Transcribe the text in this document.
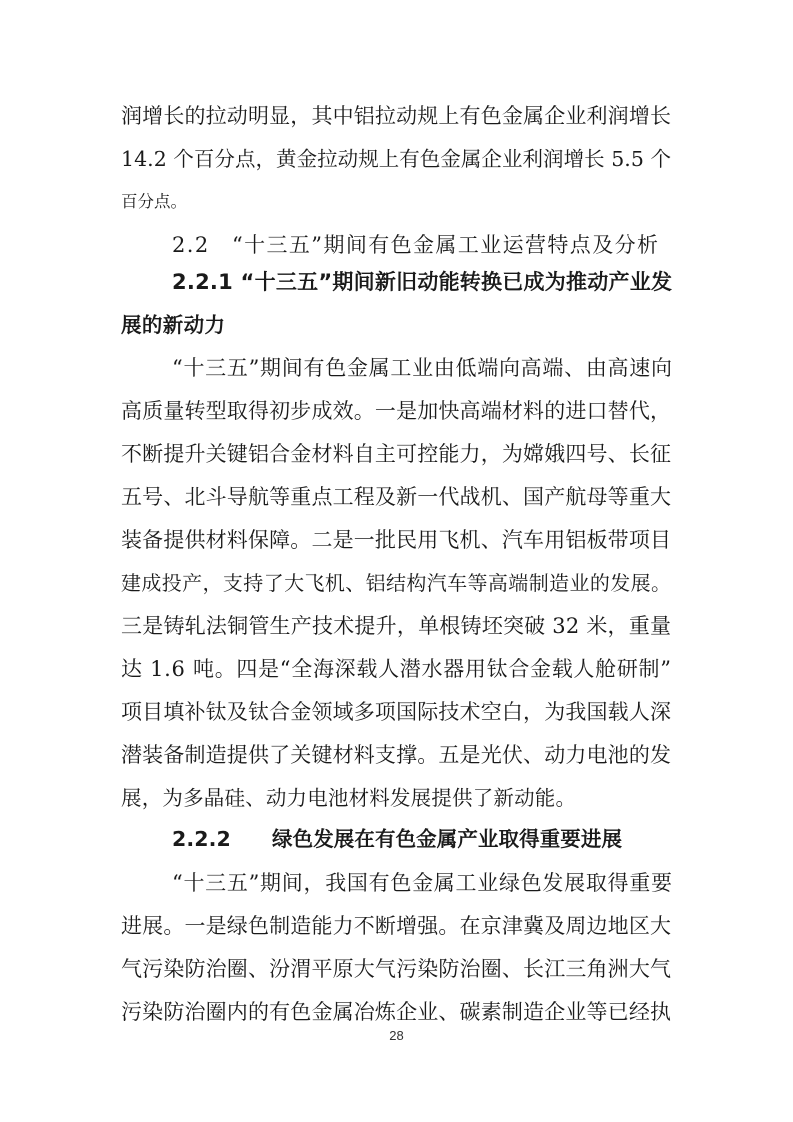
润增长的拉动明显，其中铝拉动规上有色金属企业利润增长
14.2 个百分点，黄金拉动规上有色金属企业利润增长 5.5 个
百分点。
2.2　“十三五”期间有色金属工业运营特点及分析
2.2.1 “十三五”期间新旧动能转换已成为推动产业发
展的新动力
“十三五”期间有色金属工业由低端向高端、由高速向
高质量转型取得初步成效。一是加快高端材料的进口替代，
不断提升关键铝合金材料自主可控能力，为嫦娥四号、长征
五号、北斗导航等重点工程及新一代战机、国产航母等重大
装备提供材料保障。二是一批民用飞机、汽车用铝板带项目
建成投产，支持了大飞机、铝结构汽车等高端制造业的发展。
三是铸轧法铜管生产技术提升，单根铸坯突破 32 米，重量
达 1.6 吨。四是“全海深载人潜水器用钛合金载人舱研制”
项目填补钛及钛合金领域多项国际技术空白，为我国载人深
潜装备制造提供了关键材料支撑。五是光伏、动力电池的发
展，为多晶硅、动力电池材料发展提供了新动能。
2.2.2　　绿色发展在有色金属产业取得重要进展
“十三五”期间，我国有色金属工业绿色发展取得重要
进展。一是绿色制造能力不断增强。在京津冀及周边地区大
气污染防治圈、汾渭平原大气污染防治圈、长江三角洲大气
污染防治圈内的有色金属冶炼企业、碳素制造企业等已经执
28
